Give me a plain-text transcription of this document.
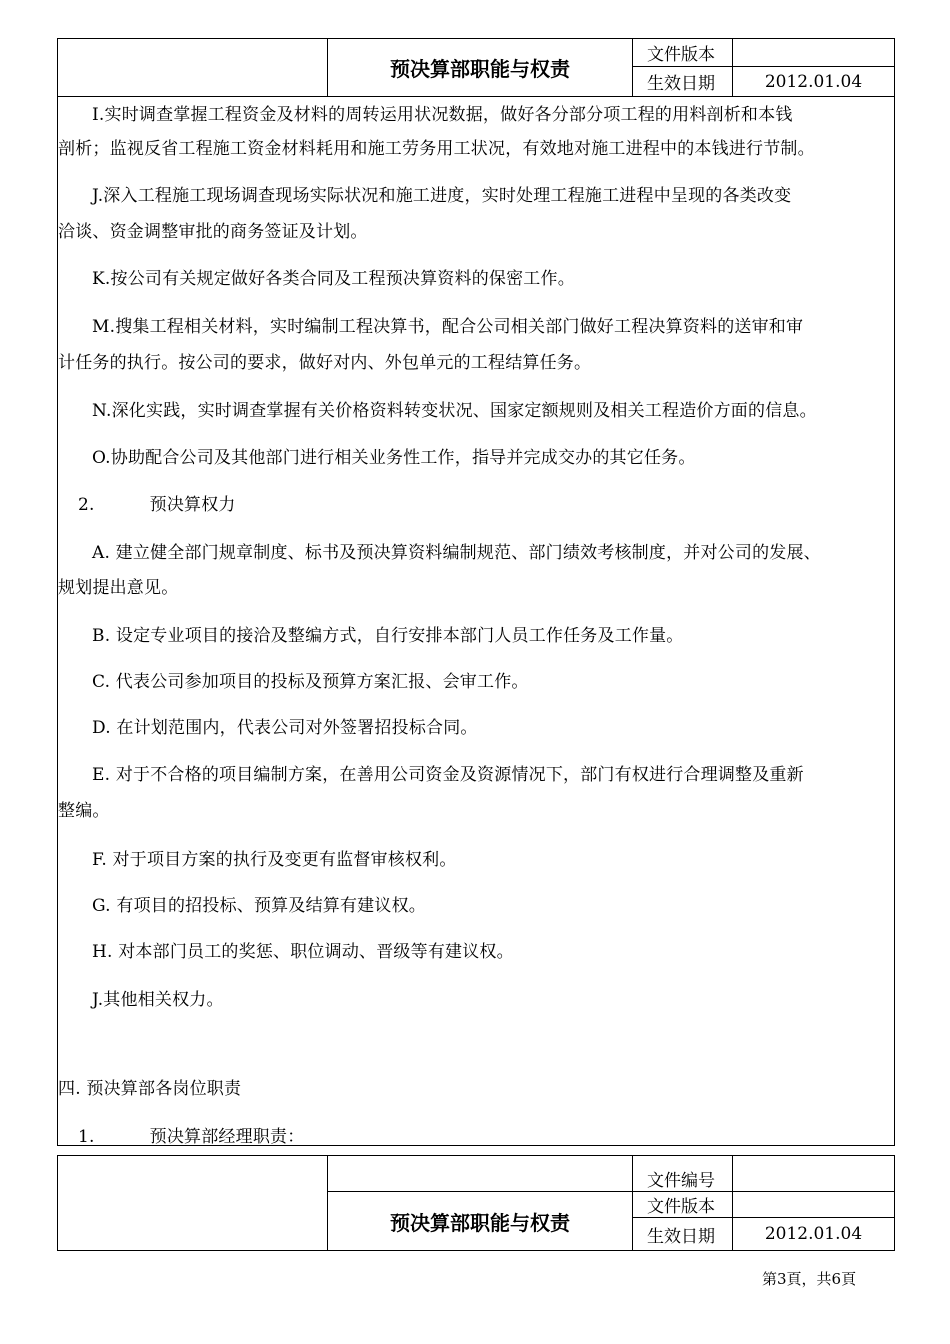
	预决算部职能与权责	文件版本	
		生效日期	2012.01.04
I.实时调查掌握工程资金及材料的周转运用状况数据，做好各分部分项工程的用料剖析和本钱
剖析；监视反省工程施工资金材料耗用和施工劳务用工状况，有效地对施工进程中的本钱进行节制。
J.深入工程施工现场调查现场实际状况和施工进度，实时处理工程施工进程中呈现的各类改变
洽谈、资金调整审批的商务签证及计划。
K.按公司有关规定做好各类合同及工程预决算资料的保密工作。
M.搜集工程相关材料，实时编制工程决算书，配合公司相关部门做好工程决算资料的送审和审
计任务的执行。按公司的要求，做好对内、外包单元的工程结算任务。
N.深化实践，实时调查掌握有关价格资料转变状况、国家定额规则及相关工程造价方面的信息。
O.协助配合公司及其他部门进行相关业务性工作，指导并完成交办的其它任务。
2.	预决算权力
A. 建立健全部门规章制度、标书及预决算资料编制规范、部门绩效考核制度，并对公司的发展、
规划提出意见。
B. 设定专业项目的接洽及整编方式，自行安排本部门人员工作任务及工作量。
C. 代表公司参加项目的投标及预算方案汇报、会审工作。
D. 在计划范围内，代表公司对外签署招投标合同。
E. 对于不合格的项目编制方案，在善用公司资金及资源情况下，部门有权进行合理调整及重新
整编。
F. 对于项目方案的执行及变更有监督审核权利。
G. 有项目的招投标、预算及结算有建议权。
H. 对本部门员工的奖惩、职位调动、晋级等有建议权。
J.其他相关权力。
四. 预决算部各岗位职责
1.	预决算部经理职责：
		文件编号	
	预决算部职能与权责	文件版本	
		生效日期	2012.01.04
第3頁，共6頁
